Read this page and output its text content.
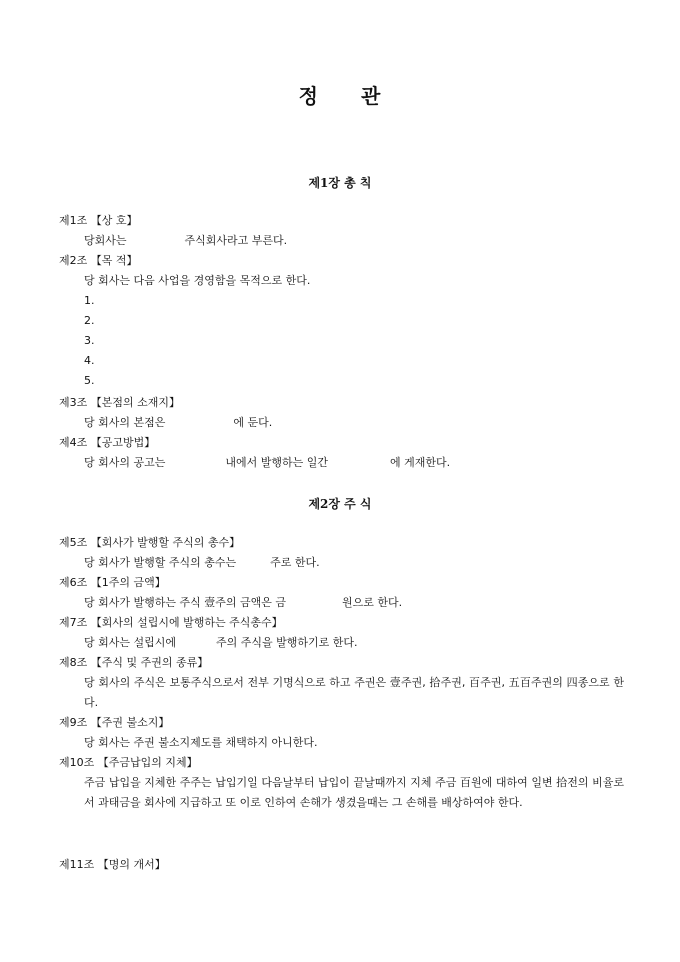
정 관
제1장 총 칙
제1조 【상 호】
당회사는	주식회사라고 부른다.
제2조 【목 적】
당 회사는 다음 사업을 경영함을 목적으로 한다.
1.
2.
3.
4.
5.
제3조 【본점의 소재지】
당 회사의 본점은	에 둔다.
제4조 【공고방법】
당 회사의 공고는	내에서 발행하는 일간	에 게재한다.
제2장 주 식
제5조 【회사가 발행할 주식의 총수】
당 회사가 발행할 주식의 총수는	주로 한다.
제6조 【1주의 금액】
당 회사가 발행하는 주식 壹주의 금액은 금	원으로 한다.
제7조 【회사의 설립시에 발행하는 주식총수】
당 회사는 설립시에	주의 주식을 발행하기로 한다.
제8조 【주식 및 주권의 종류】
당 회사의 주식은 보통주식으로서 전부 기명식으로 하고 주권은 壹주권, 拾주권, 百주권, 五百주권의 四종으로 한다.
제9조 【주권 불소지】
당 회사는 주권 불소지제도를 채택하지 아니한다.
제10조 【주금납입의 지체】
주금 납입을 지체한 주주는 납입기일 다음날부터 납입이 끝날때까지 지체 주금 百원에 대하여 일변 拾전의 비율로서 과태금을 회사에 지급하고 또 이로 인하여 손해가 생겼을때는 그 손해를 배상하여야 한다.
제11조 【명의 개서】
